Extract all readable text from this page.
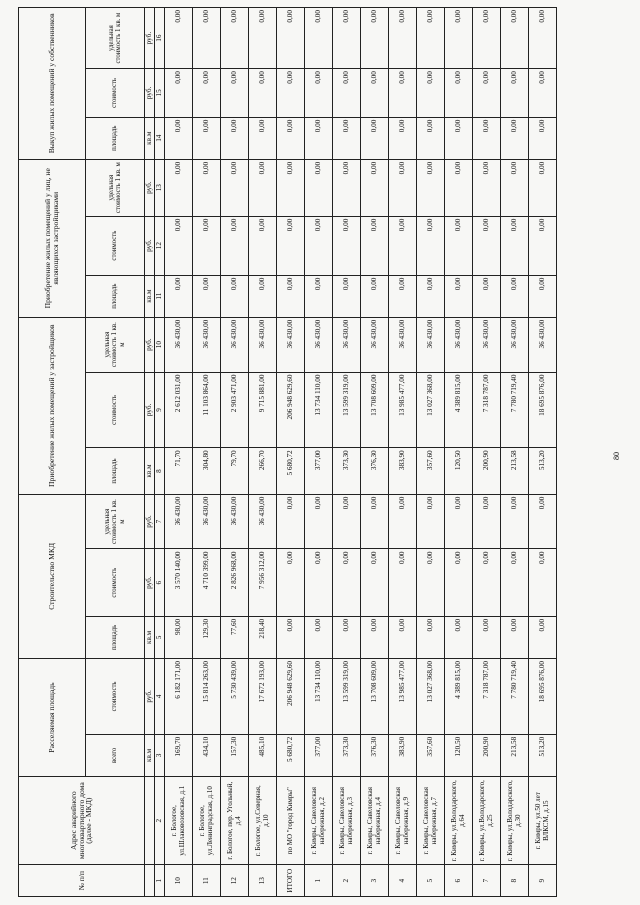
80
№ п/п	Адрес аварийного многоквартирного дома (далее - МКД)	Расселяемая площадь		Строительство МКД			Приобретение жилых помещений у застройщиков			Приобретение жилых помещений у лиц, не являющихся застройщиками			Выкуп жилых помещений у собственников		
		всего	стоимость	площадь	стоимость	удельная стоимость 1 кв. м	площадь	стоимость	удельная стоимость 1 кв. м	площадь	стоимость	удельная стоимость 1 кв. м	площадь	стоимость	удельная стоимость 1 кв. м
		кв.м	руб.	кв.м	руб.	руб.	кв.м	руб.	руб.	кв.м	руб.	руб.	кв.м	руб.	руб.
1	2	3	4	5	6	7	8	9	10	11	12	13	14	15	16
10	г. Бологое, ул.Шлаковозовская, д.1	169,70	6 182 171,00	98,00	3 570 140,00	36 430,00	71,70	2 612 031,00	36 430,00	0,00	0,00	0,00	0,00	0,00	0,00
11	г. Бологое, ул.Ленинградская, д.10	434,10	15 814 263,00	129,30	4 710 399,00	36 430,00	304,80	11 103 864,00	36 430,00	0,00	0,00	0,00	0,00	0,00	0,00
12	г. Бологое, пер. Угольный, д.4	157,30	5 730 439,00	77,60	2 826 968,00	36 430,00	79,70	2 903 471,00	36 430,00	0,00	0,00	0,00	0,00	0,00	0,00
13	г. Бологое, ул.Северная, д.10	485,10	17 672 193,00	218,40	7 956 312,00	36 430,00	266,70	9 715 881,00	36 430,00	0,00	0,00	0,00	0,00	0,00	0,00
ИТОГО	по МО "город Кимры"	5 680,72	206 948 629,60	0,00	0,00	0,00	5 680,72	206 948 629,60	36 430,00	0,00	0,00	0,00	0,00	0,00	0,00
1	г. Кимры, Савеловская набережная, д.2	377,00	13 734 110,00	0,00	0,00	0,00	377,00	13 734 110,00	36 430,00	0,00	0,00	0,00	0,00	0,00	0,00
2	г. Кимры, Савеловская набережная, д.3	373,30	13 599 319,00	0,00	0,00	0,00	373,30	13 599 319,00	36 430,00	0,00	0,00	0,00	0,00	0,00	0,00
3	г. Кимры, Савеловская набережная, д.4	376,30	13 708 609,00	0,00	0,00	0,00	376,30	13 708 609,00	36 430,00	0,00	0,00	0,00	0,00	0,00	0,00
4	г. Кимры, Савеловская набережная, д.9	383,90	13 985 477,00	0,00	0,00	0,00	383,90	13 985 477,00	36 430,00	0,00	0,00	0,00	0,00	0,00	0,00
5	г. Кимры, Савеловская набережная, д.7	357,60	13 027 368,00	0,00	0,00	0,00	357,60	13 027 368,00	36 430,00	0,00	0,00	0,00	0,00	0,00	0,00
6	г. Кимры, ул.Володарского, д.64	120,50	4 389 815,00	0,00	0,00	0,00	120,50	4 389 815,00	36 430,00	0,00	0,00	0,00	0,00	0,00	0,00
7	г. Кимры, ул.Володарского, д.25	200,90	7 318 787,00	0,00	0,00	0,00	200,90	7 318 787,00	36 430,00	0,00	0,00	0,00	0,00	0,00	0,00
8	г. Кимры, ул.Володарского, д.30	213,58	7 780 719,40	0,00	0,00	0,00	213,58	7 780 719,40	36 430,00	0,00	0,00	0,00	0,00	0,00	0,00
9	г. Кимры, ул.50 лет ВЛКСМ, д.15	513,20	18 695 876,00	0,00	0,00	0,00	513,20	18 695 876,00	36 430,00	0,00	0,00	0,00	0,00	0,00	0,00
